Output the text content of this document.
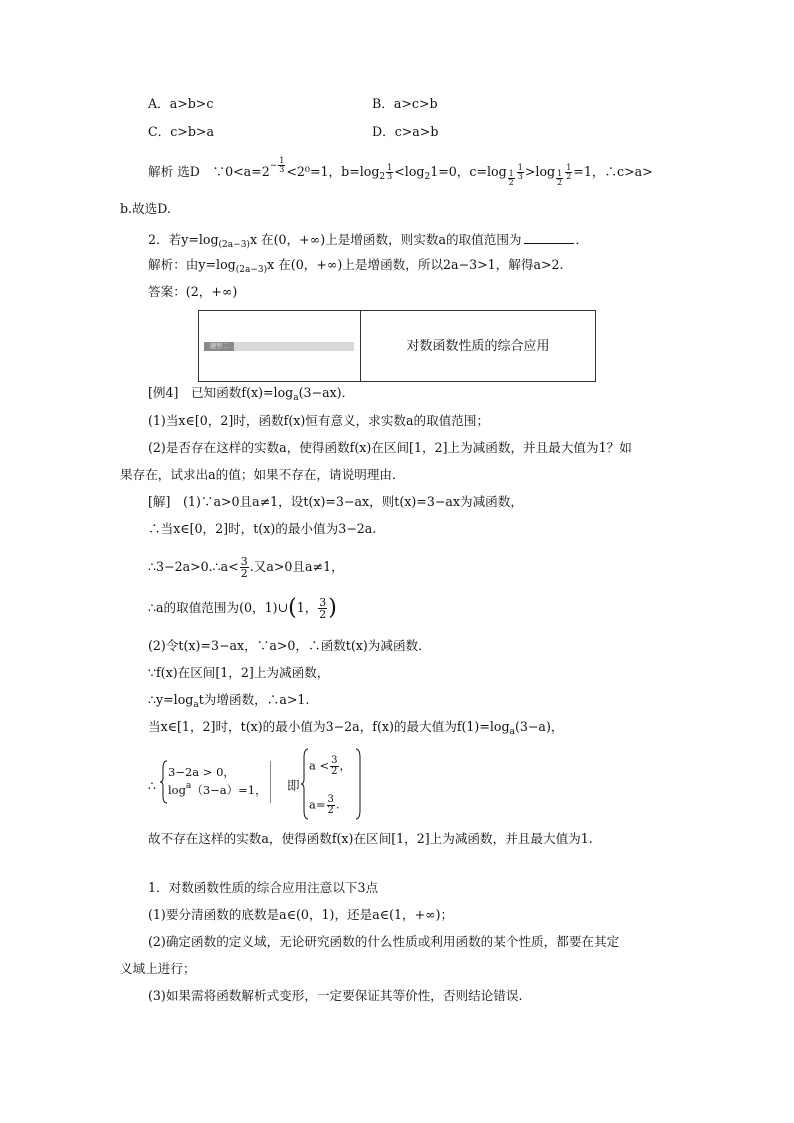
A．a>b>c	B．a>c>b
C．c>b>a	D．c>a>b
解析 选D　$\because 0<a=2^{- \frac{1}{3}} <2^0=1$，$b=\log_2 \frac{1}{3} <\log_21=0$，$c=\log \frac{1}{2} \frac{1}{3} >\log \frac{1}{2} \frac{1}{2} =1$，∴c>a>
b.故选D.
2．若$y=\log_{(2a-3)}x$ 在(0，+∞)上是增函数，则实数a的取值范围为	．
解析：由$y=\log_{(2a-3)}x$ 在(0，+∞)上是增函数，所以2a−3>1，解得a>2.
答案：(2，+∞)
题型二	对数函数性质的综合应用
[例4]　已知函数$f(x)=\log_a(3-ax)$．
(1)当x∈[0，2]时，函数f(x)恒有意义，求实数a的取值范围；
(2)是否存在这样的实数a，使得函数f(x)在区间[1，2]上为减函数，并且最大值为1？如
果存在，试求出a的值；如果不存在，请说明理由．
[解]　(1)∵a>0且a≠1，设t(x)=3−ax，则t(x)=3−ax为减函数，
∴当x∈[0，2]时，t(x)的最小值为3−2a.
∴3−2a>0.∴a< $\frac{3}{2}$ .又a>0且a≠1，
∴a的取值范围为(0，1)∪(1， $\frac{3}{2}$ )
(2)令t(x)=3−ax，∵a>0，∴函数t(x)为减函数．
∵f(x)在区间[1，2]上为减函数，
$\therefore y=\log_at$为增函数，∴a>1.
当x∈[1，2]时，t(x)的最小值为3−2a，f(x)的最大值为$f(1)=\log_a(3-a)$，
∴
3−2a > 0，
$\log^a(3-a)=1$， 即
$a < \frac{3}{2}$ ，
$a= \frac{3}{2}$ .
故不存在这样的实数a，使得函数f(x)在区间[1，2]上为减函数，并且最大值为1.
1．对数函数性质的综合应用注意以下3点
(1)要分清函数的底数是a∈(0，1)，还是a∈(1，+∞)；
(2)确定函数的定义域，无论研究函数的什么性质或利用函数的某个性质，都要在其定
义域上进行；
(3)如果需将函数解析式变形，一定要保证其等价性，否则结论错误.
